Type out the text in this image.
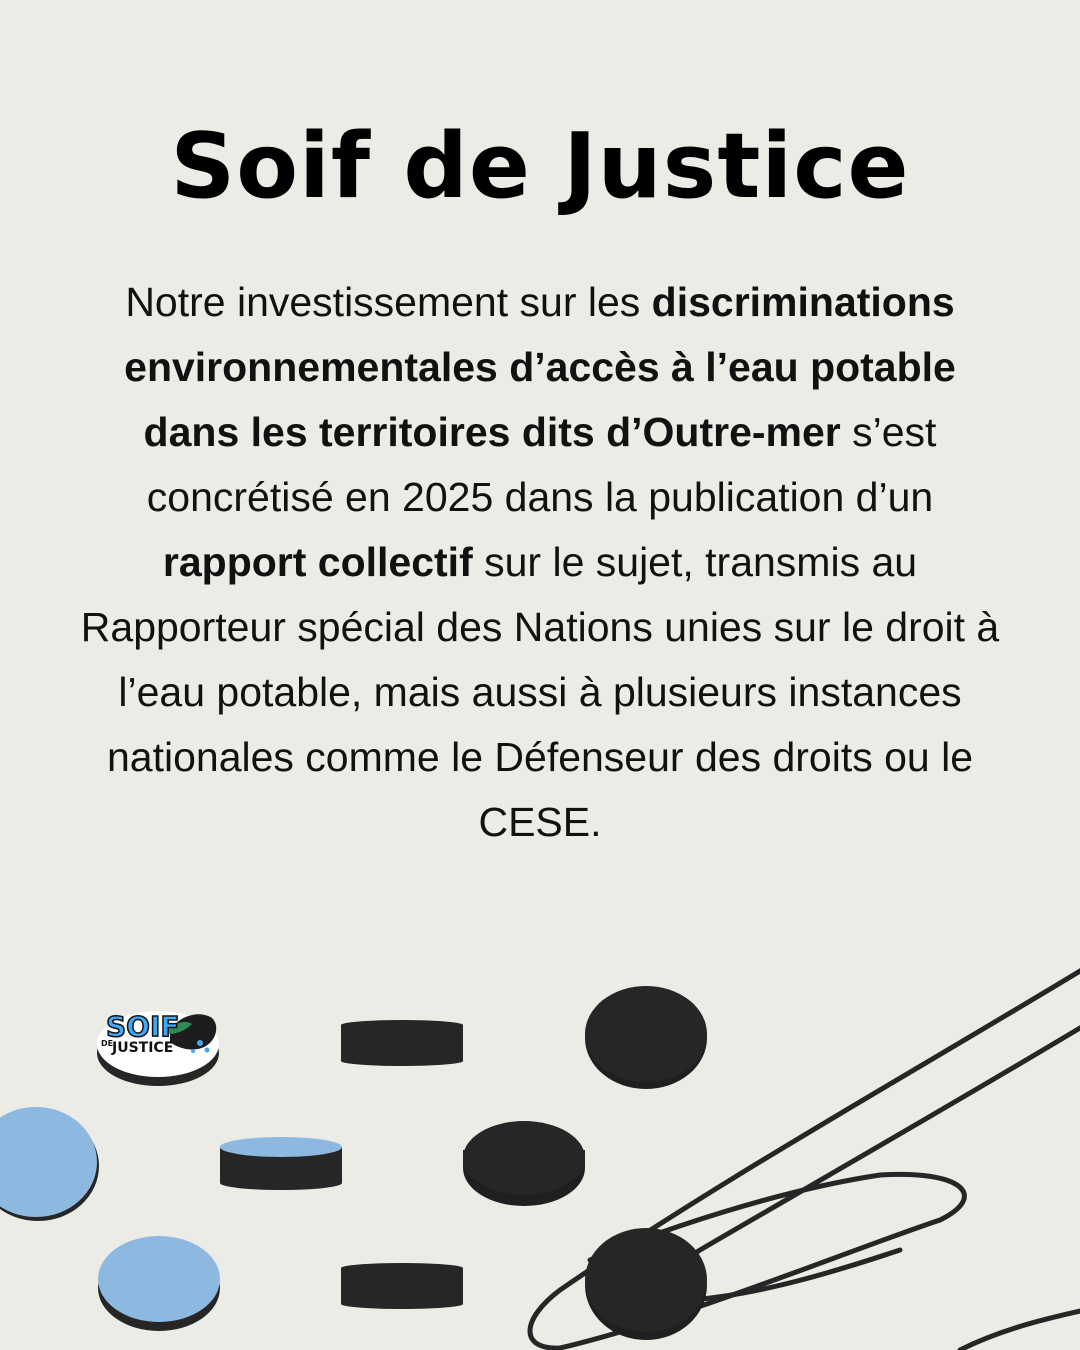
Soif de Justice

Notre investissement sur les discriminations environnementales d’accès à l’eau potable dans les territoires dits d’Outre-mer s’est concrétisé en 2025 dans la publication d’un rapport collectif sur le sujet, transmis au Rapporteur spécial des Nations unies sur le droit à l’eau potable, mais aussi à plusieurs instances nationales comme le Défenseur des droits ou le CESE.

SOIF
DE
JUSTICE
